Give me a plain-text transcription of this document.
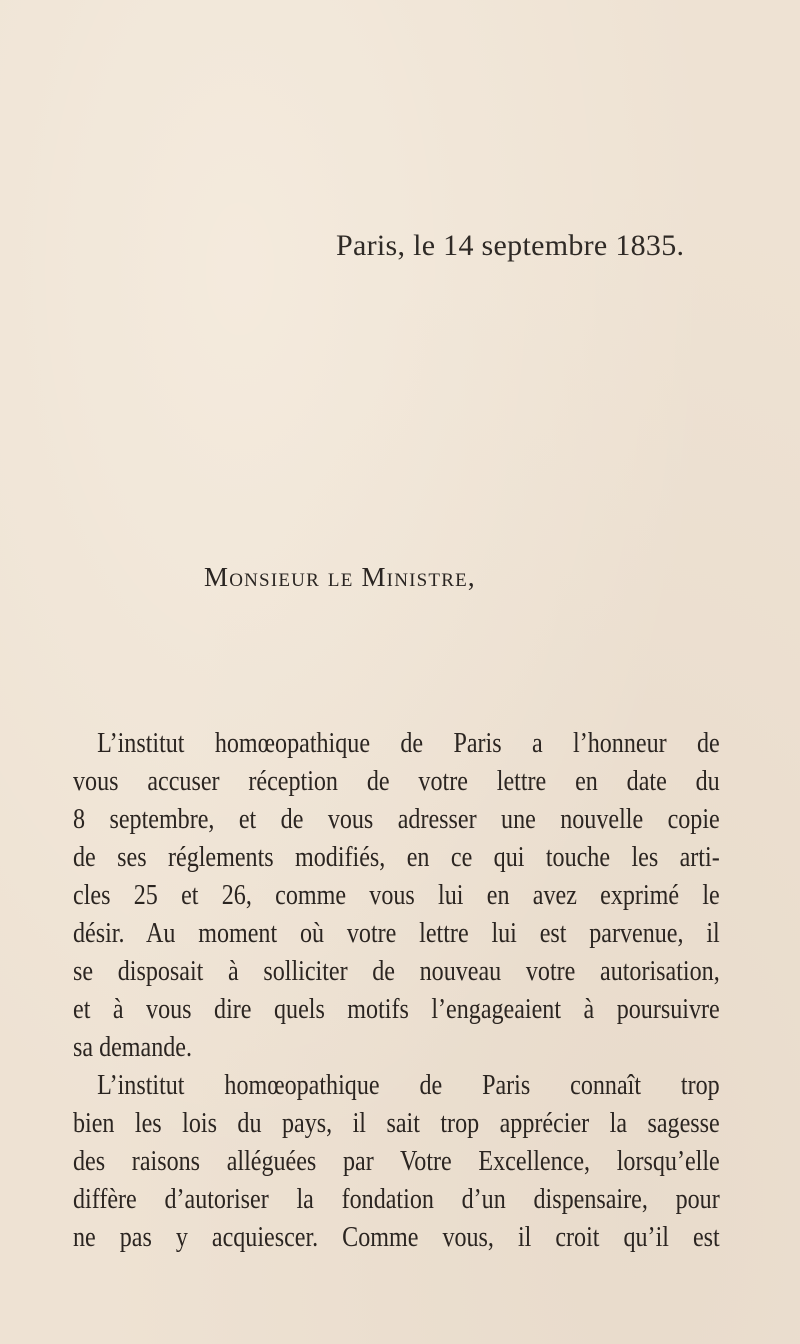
Paris, le 14 septembre 1835.
Monsieur le Ministre,
L’institut homœopathique de Paris a l’honneur de
vous accuser réception de votre lettre en date du
8 septembre, et de vous adresser une nouvelle copie
de ses réglements modifiés, en ce qui touche les arti-
cles 25 et 26, comme vous lui en avez exprimé le
désir. Au moment où votre lettre lui est parvenue, il
se disposait à solliciter de nouveau votre autorisation,
et à vous dire quels motifs l’engageaient à poursuivre
sa demande.
L’institut homœopathique de Paris connaît trop
bien les lois du pays, il sait trop apprécier la sagesse
des raisons alléguées par Votre Excellence, lorsqu’elle
diffère d’autoriser la fondation d’un dispensaire, pour
ne pas y acquiescer. Comme vous, il croit qu’il est
